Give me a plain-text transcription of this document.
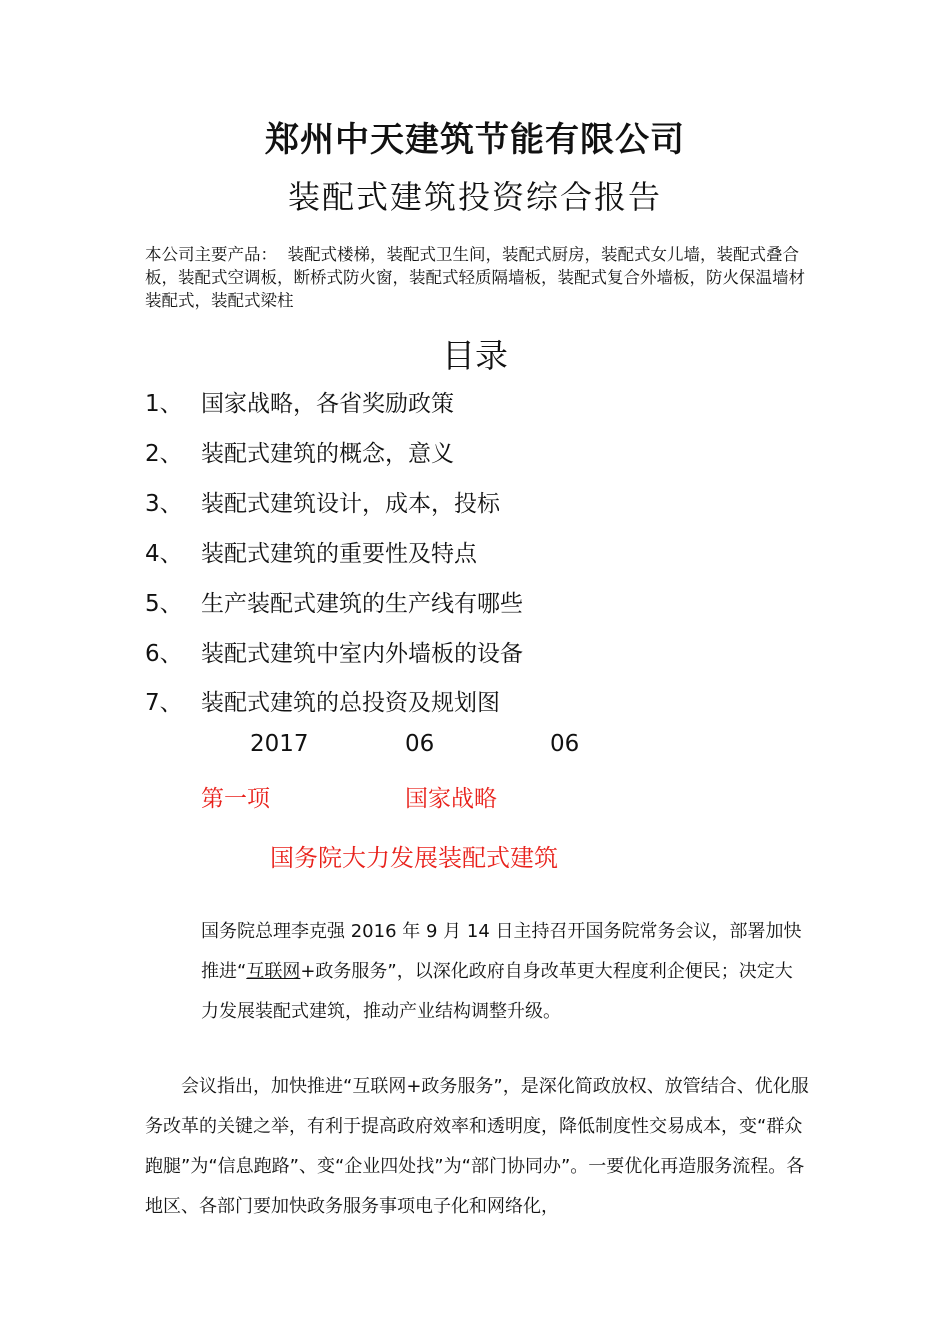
郑州中天建筑节能有限公司
装配式建筑投资综合报告
本公司主要产品： 装配式楼梯，装配式卫生间，装配式厨房，装配式女儿墙，装配式叠合板，装配式空调板，断桥式防火窗，装配式轻质隔墙板，装配式复合外墙板，防火保温墙材装配式，装配式梁柱
目录
1、 国家战略，各省奖励政策
2、 装配式建筑的概念，意义
3、 装配式建筑设计，成本，投标
4、 装配式建筑的重要性及特点
5、 生产装配式建筑的生产线有哪些
6、 装配式建筑中室内外墙板的设备
7、 装配式建筑的总投资及规划图
2017	06	06
第一项	国家战略
国务院大力发展装配式建筑
国务院总理李克强 2016 年 9 月 14 日主持召开国务院常务会议，部署加快推进“互联网+政务服务”，以深化政府自身改革更大程度利企便民；决定大力发展装配式建筑，推动产业结构调整升级。
会议指出，加快推进“互联网+政务服务”，是深化简政放权、放管结合、优化服务改革的关键之举，有利于提高政府效率和透明度，降低制度性交易成本，变“群众跑腿”为“信息跑路”、变“企业四处找”为“部门协同办”。一要优化再造服务流程。各地区、各部门要加快政务服务事项电子化和网络化，
